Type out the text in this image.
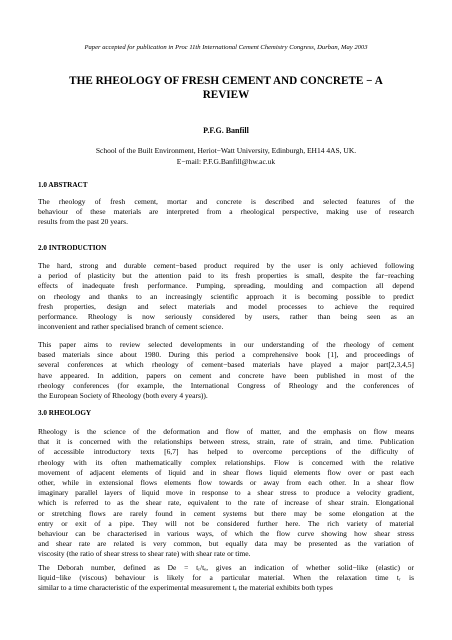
Paper accepted for publication in Proc 11th International Cement Chemistry Congress, Durban, May 2003
THE RHEOLOGY OF FRESH CEMENT AND CONCRETE − A
REVIEW
P.F.G. Banfill
School of the Built Environment, Heriot−Watt University, Edinburgh, EH14 4AS, UK.
E−mail: P.F.G.Banfill@hw.ac.uk
1.0 ABSTRACT
The rheology of fresh cement, mortar and concrete is described and selected features of the
behaviour of these materials are interpreted from a rheological perspective, making use of research
results from the past 20 years.
2.0 INTRODUCTION
The hard, strong and durable cement−based product required by the user is only achieved following
a period of plasticity but the attention paid to its fresh properties is small, despite the far−reaching
effects of inadequate fresh performance. Pumping, spreading, moulding and compaction all depend
on rheology and thanks to an increasingly scientific approach it is becoming possible to predict
fresh properties, design and select materials and model processes to achieve the required
performance. Rheology is now seriously considered by users, rather than being seen as an
inconvenient and rather specialised branch of cement science.
This paper aims to review selected developments in our understanding of the rheology of cement
based materials since about 1980. During this period a comprehensive book [1], and proceedings of
several conferences at which rheology of cement−based materials have played a major part[2,3,4,5]
have appeared. In addition, papers on cement and concrete have been published in most of the
rheology conferences (for example, the International Congress of Rheology and the conferences of
the European Society of Rheology (both every 4 years)).
3.0 RHEOLOGY
Rheology is the science of the deformation and flow of matter, and the emphasis on flow means
that it is concerned with the relationships between stress, strain, rate of strain, and time. Publication
of accessible introductory texts [6,7] has helped to overcome perceptions of the difficulty of
rheology with its often mathematically complex relationships. Flow is concerned with the relative
movement of adjacent elements of liquid and in shear flows liquid elements flow over or past each
other, while in extensional flows elements flow towards or away from each other. In a shear flow
imaginary parallel layers of liquid move in response to a shear stress to produce a velocity gradient,
which is referred to as the shear rate, equivalent to the rate of increase of shear strain. Elongational
or stretching flows are rarely found in cement systems but there may be some elongation at the
entry or exit of a pipe. They will not be considered further here. The rich variety of material
behaviour can be characterised in various ways, of which the flow curve showing how shear stress
and shear rate are related is very common, but equally data may be presented as the variation of
viscosity (the ratio of shear stress to shear rate) with shear rate or time.
The Deborah number, defined as De = tᵣ/tₑ, gives an indication of whether solid−like (elastic) or
liquid−like (viscous) behaviour is likely for a particular material. When the relaxation time tᵣ is
similar to a time characteristic of the experimental measurement tₑ the material exhibits both types
